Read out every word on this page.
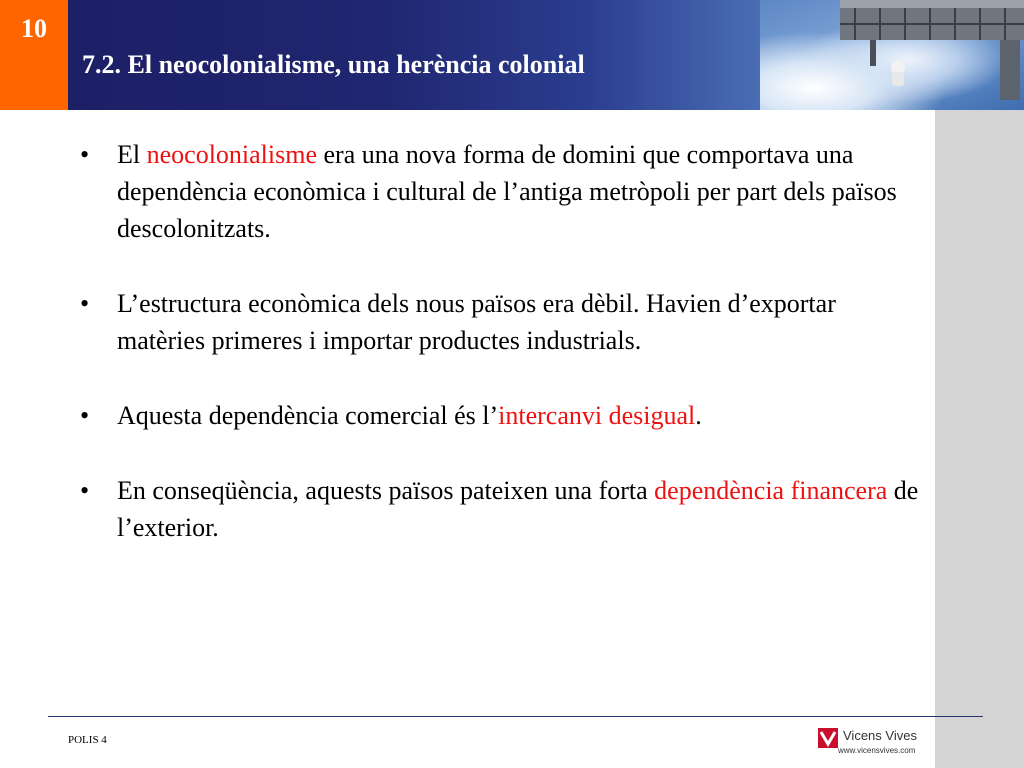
10
7.2. El neocolonialisme, una herència colonial
• El neocolonialisme era una nova forma de domini que comportava una dependència econòmica i cultural de l’antiga metròpoli per part dels països descolonitzats.
• L’estructura econòmica dels nous països era dèbil. Havien d’exportar matèries primeres i importar productes industrials.
• Aquesta dependència comercial és l’intercanvi desigual.
• En conseqüència, aquests països pateixen una forta dependència financera de l’exterior.
POLIS 4	Vicens Vives
www.vicensvives.com
